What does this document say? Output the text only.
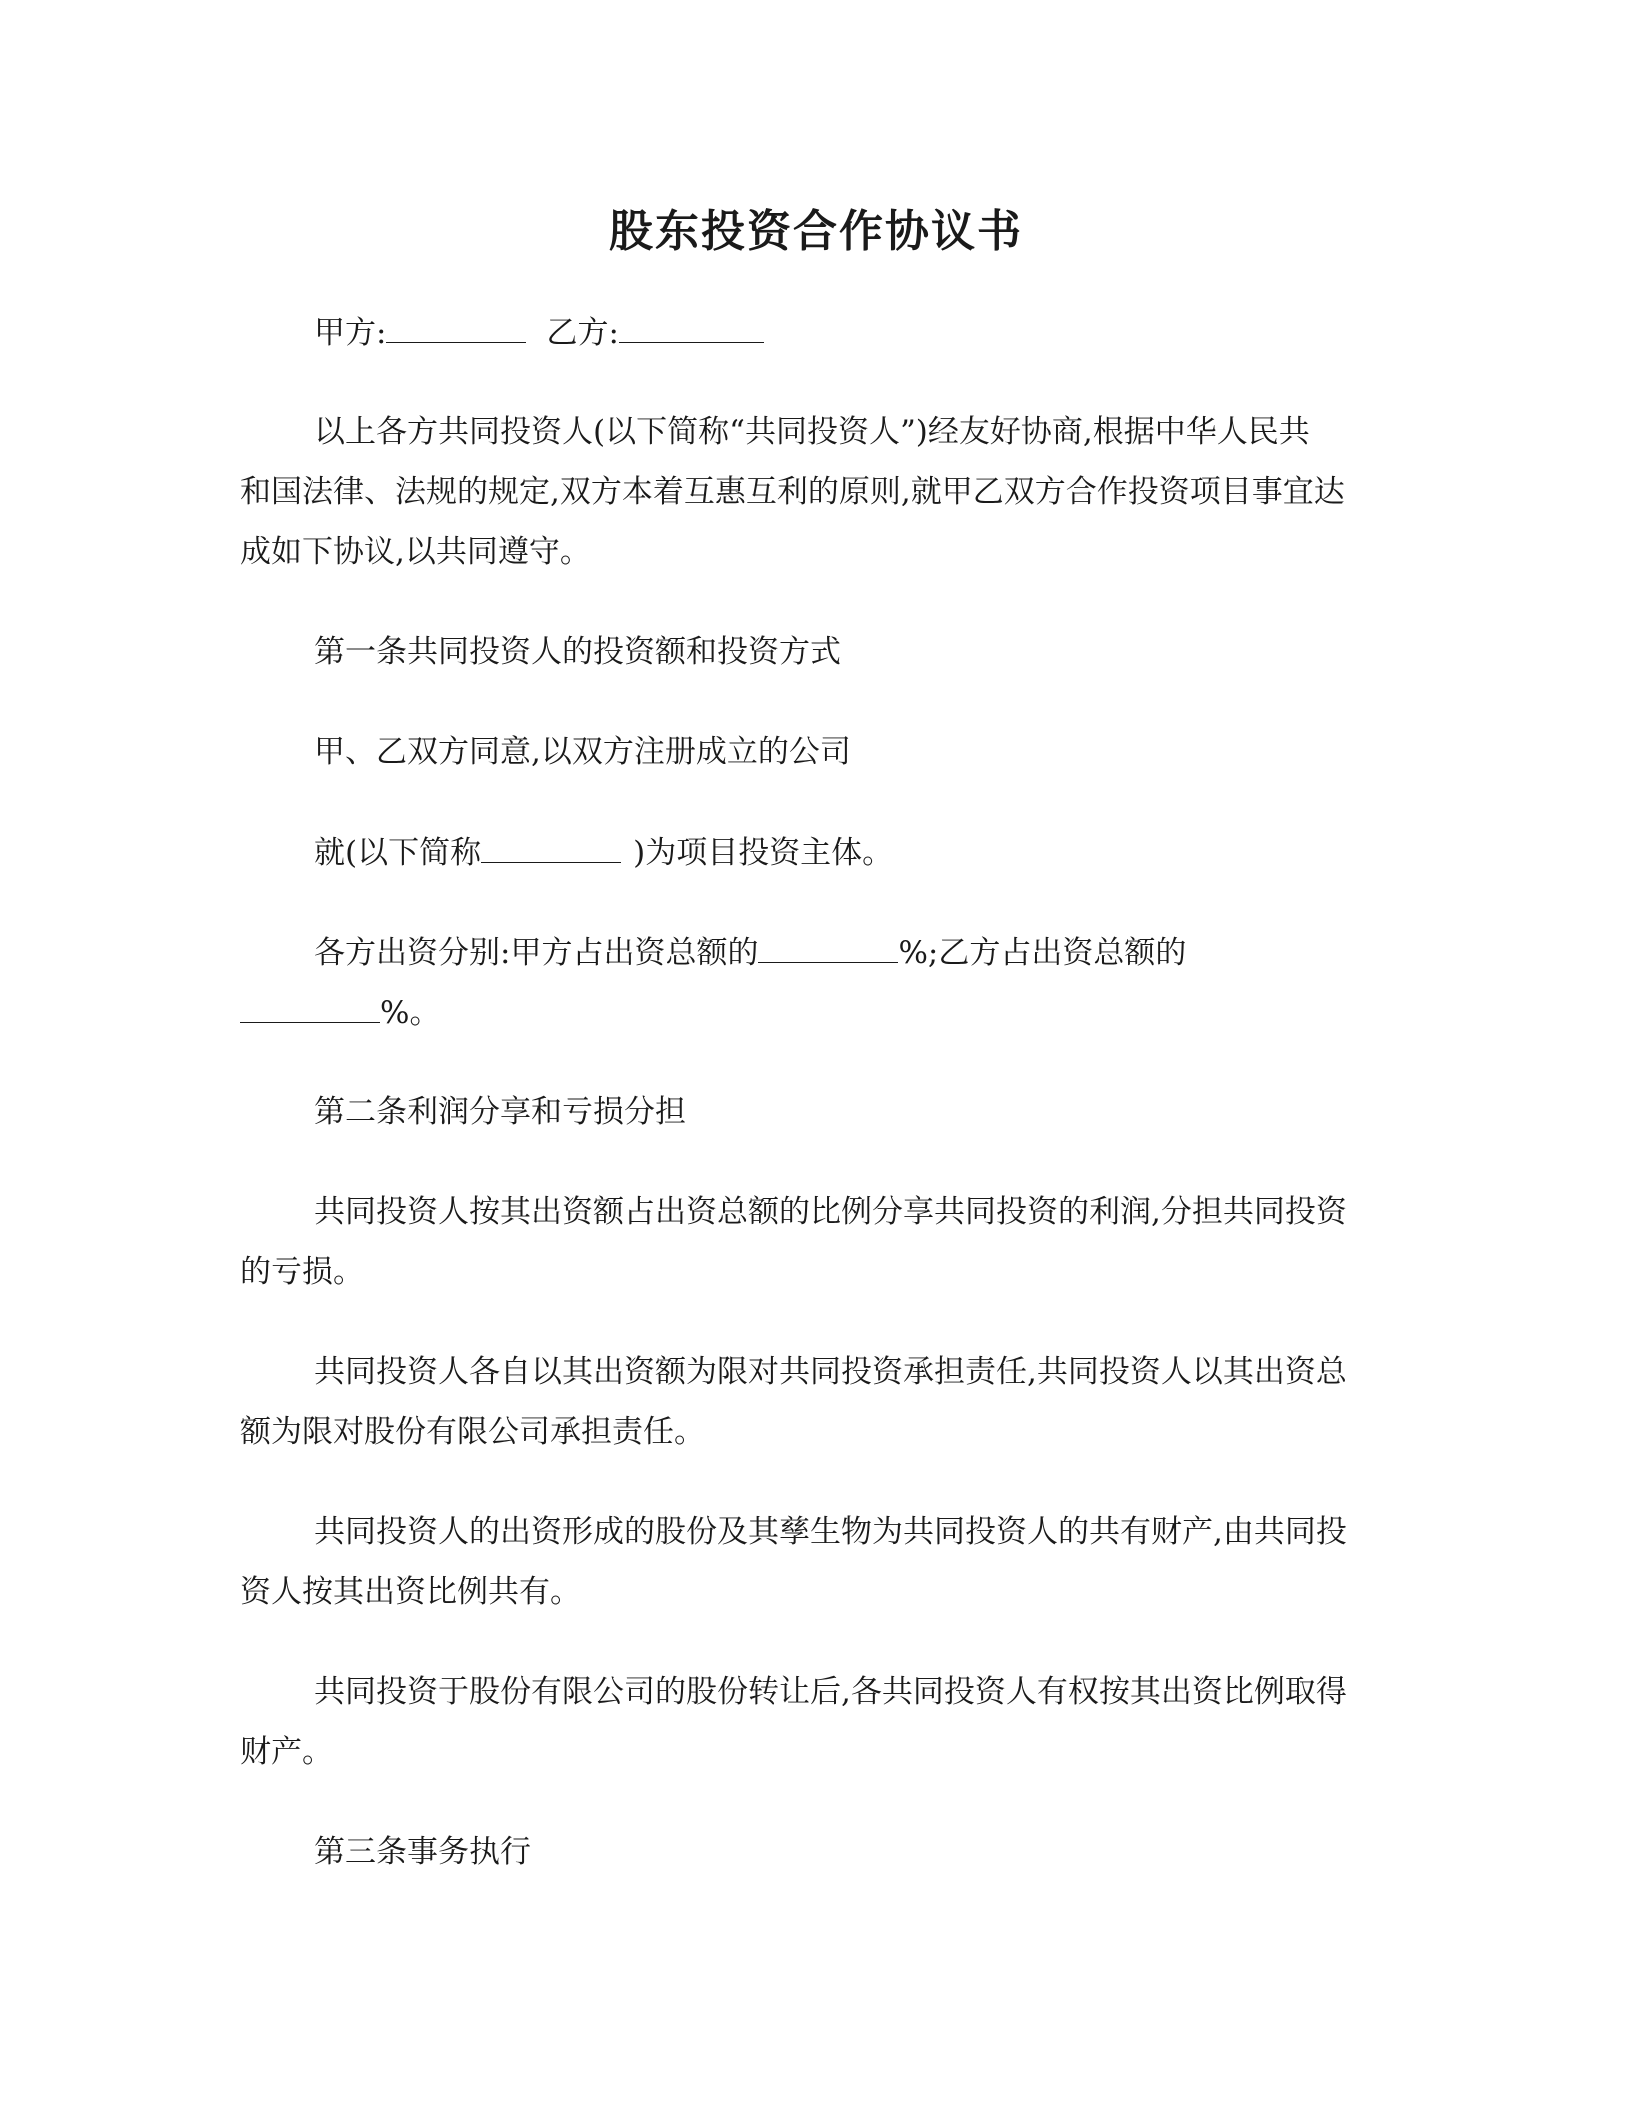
股东投资合作协议书
甲方:	乙方:
以上各方共同投资人(以下简称“共同投资人”)经友好协商,根据中华人民共
和国法律、法规的规定,双方本着互惠互利的原则,就甲乙双方合作投资项目事宜达
成如下协议,以共同遵守。
第一条共同投资人的投资额和投资方式
甲、乙双方同意,以双方注册成立的公司
就(以下简称	)为项目投资主体。
各方出资分别:甲方占出资总额的	%;乙方占出资总额的
%。
第二条利润分享和亏损分担
共同投资人按其出资额占出资总额的比例分享共同投资的利润,分担共同投资
的亏损。
共同投资人各自以其出资额为限对共同投资承担责任,共同投资人以其出资总
额为限对股份有限公司承担责任。
共同投资人的出资形成的股份及其孳生物为共同投资人的共有财产,由共同投
资人按其出资比例共有。
共同投资于股份有限公司的股份转让后,各共同投资人有权按其出资比例取得
财产。
第三条事务执行
